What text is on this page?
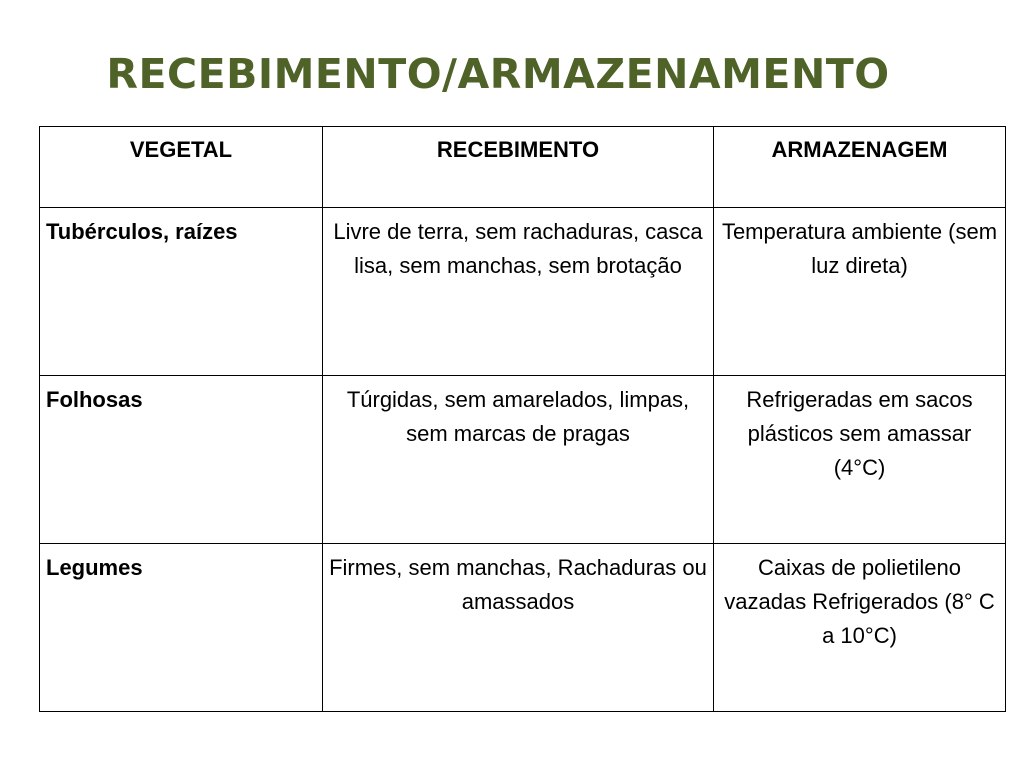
RECEBIMENTO/ARMAZENAMENTO
VEGETAL	RECEBIMENTO	ARMAZENAGEM
Tubérculos, raízes	Livre de terra, sem rachaduras, casca lisa, sem manchas, sem brotação	Temperatura ambiente (sem luz direta)
Folhosas	Túrgidas, sem amarelados, limpas, sem marcas de pragas	Refrigeradas em sacos plásticos sem amassar (4°C)
Legumes	Firmes, sem manchas, Rachaduras ou amassados	Caixas de polietileno vazadas Refrigerados (8° C a 10°C)
